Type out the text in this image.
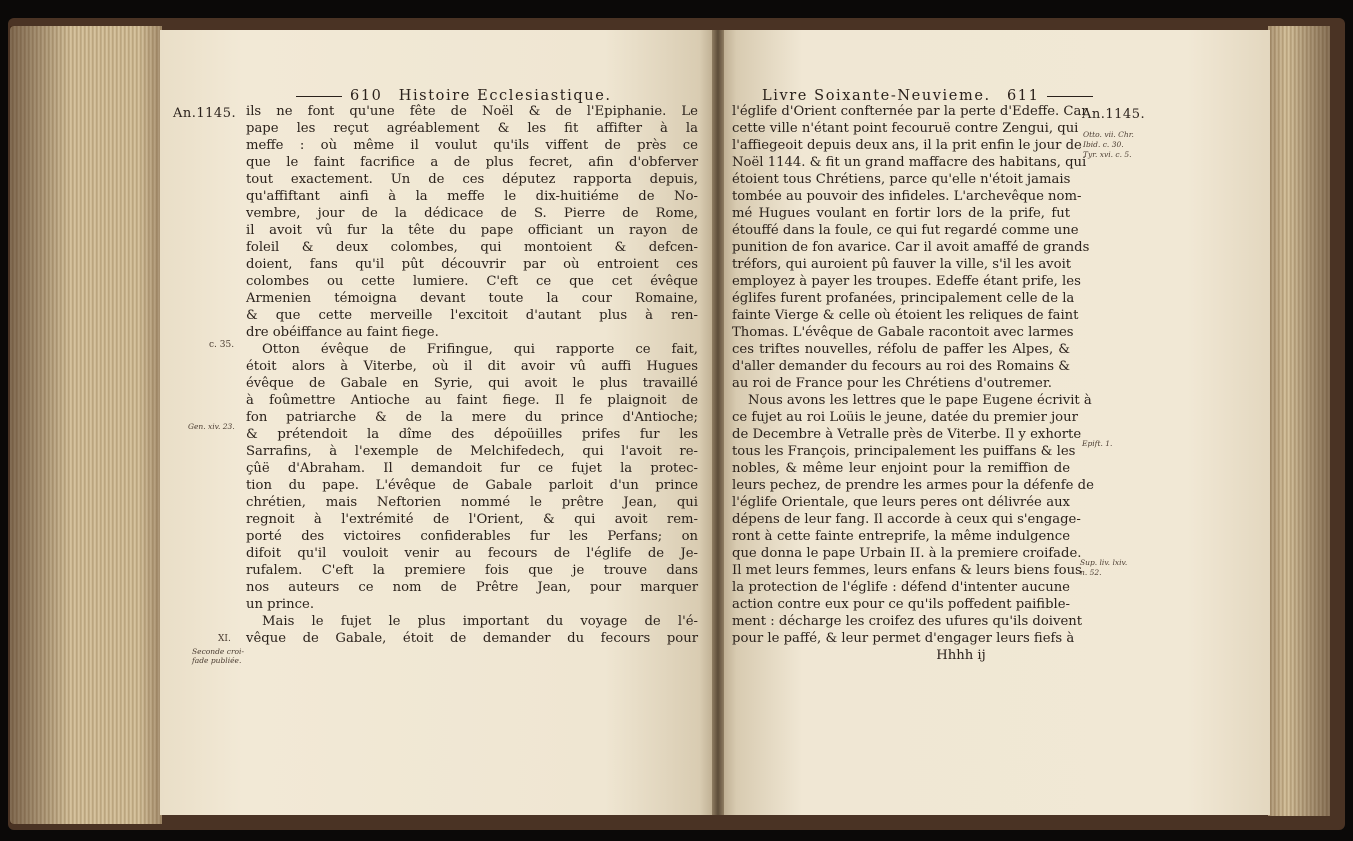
610 Histoire Ecclesiastique.
An.1145. ils ne font qu'une fête de Noël & de l'Epiphanie. Le
pape les reçut agréablement & les fit affifter à la
meffe : où même il voulut qu'ils viffent de près ce
que le faint facrifice a de plus fecret, afin d'obferver
tout exactement. Un de ces députez rapporta depuis,
qu'affiftant ainfi à la meffe le dix-huitiéme de No-
vembre, jour de la dédicace de S. Pierre de Rome,
il avoit vû fur la tête du pape officiant un rayon de
foleil & deux colombes, qui montoient & defcen-
doient, fans qu'il pût découvrir par où entroient ces
colombes ou cette lumiere. C'eft ce que cet évêque
Armenien témoigna devant toute la cour Romaine,
& que cette merveille l'excitoit d'autant plus à ren-
dre obéiffance au faint fiege.
Otton évêque de Frifingue, qui rapporte ce fait,
étoit alors à Viterbe, où il dit avoir vû auffi Hugues
évêque de Gabale en Syrie, qui avoit le plus travaillé
à foûmettre Antioche au faint fiege. Il fe plaignoit de
fon patriarche & de la mere du prince d'Antioche;
& prétendoit la dîme des dépoüilles prifes fur les
Sarrafins, à l'exemple de Melchifedech, qui l'avoit re-
çûë d'Abraham. Il demandoit fur ce fujet la protec-
tion du pape. L'évêque de Gabale parloit d'un prince
chrétien, mais Neftorien nommé le prêtre Jean, qui
regnoit à l'extrémité de l'Orient, & qui avoit rem-
porté des victoires confiderables fur les Perfans; on
difoit qu'il vouloit venir au fecours de l'églife de Je-
rufalem. C'eft la premiere fois que je trouve dans
nos auteurs ce nom de Prêtre Jean, pour marquer
un prince.
Mais le fujet le plus important du voyage de l'é-
vêque de Gabale, étoit de demander du fecours pour
c. 35.
Gen. xiv. 23.
XI.
Seconde croi-
fade publiée.
Livre Soixante-Neuvieme. 611
An.1145.
l'églife d'Orient confternée par la perte d'Edeffe. Car
cette ville n'étant point fecouruë contre Zengui, qui
l'affiegeoit depuis deux ans, il la prit enfin le jour de
Noël 1144. & fit un grand maffacre des habitans, qui
étoient tous Chrétiens, parce qu'elle n'étoit jamais
tombée au pouvoir des infideles. L'archevêque nom-
mé Hugues voulant en fortir lors de la prife, fut
étouffé dans la foule, ce qui fut regardé comme une
punition de fon avarice. Car il avoit amaffé de grands
tréfors, qui auroient pû fauver la ville, s'il les avoit
employez à payer les troupes. Edeffe étant prife, les
églifes furent profanées, principalement celle de la
fainte Vierge & celle où étoient les reliques de faint
Thomas. L'évêque de Gabale racontoit avec larmes
ces triftes nouvelles, réfolu de paffer les Alpes, &
d'aller demander du fecours au roi des Romains &
au roi de France pour les Chrétiens d'outremer.
Nous avons les lettres que le pape Eugene écrivit à
ce fujet au roi Loüis le jeune, datée du premier jour
de Decembre à Vetralle près de Viterbe. Il y exhorte
tous les François, principalement les puiffans & les
nobles, & même leur enjoint pour la remiffion de
leurs pechez, de prendre les armes pour la défenfe de
l'églife Orientale, que leurs peres ont délivrée aux
dépens de leur fang. Il accorde à ceux qui s'engage-
ront à cette fainte entreprife, la même indulgence
que donna le pape Urbain II. à la premiere croifade.
Il met leurs femmes, leurs enfans & leurs biens fous
la protection de l'églife : défend d'intenter aucune
action contre eux pour ce qu'ils poffedent paifible-
ment : décharge les croifez des ufures qu'ils doivent
pour le paffé, & leur permet d'engager leurs fiefs à
Hhhh ij
Otto. vii. Chr.
Ibid. c. 30.
Tyr. xvi. c. 5.
Epift. 1.
Sup. liv. lxiv.
n. 52.
